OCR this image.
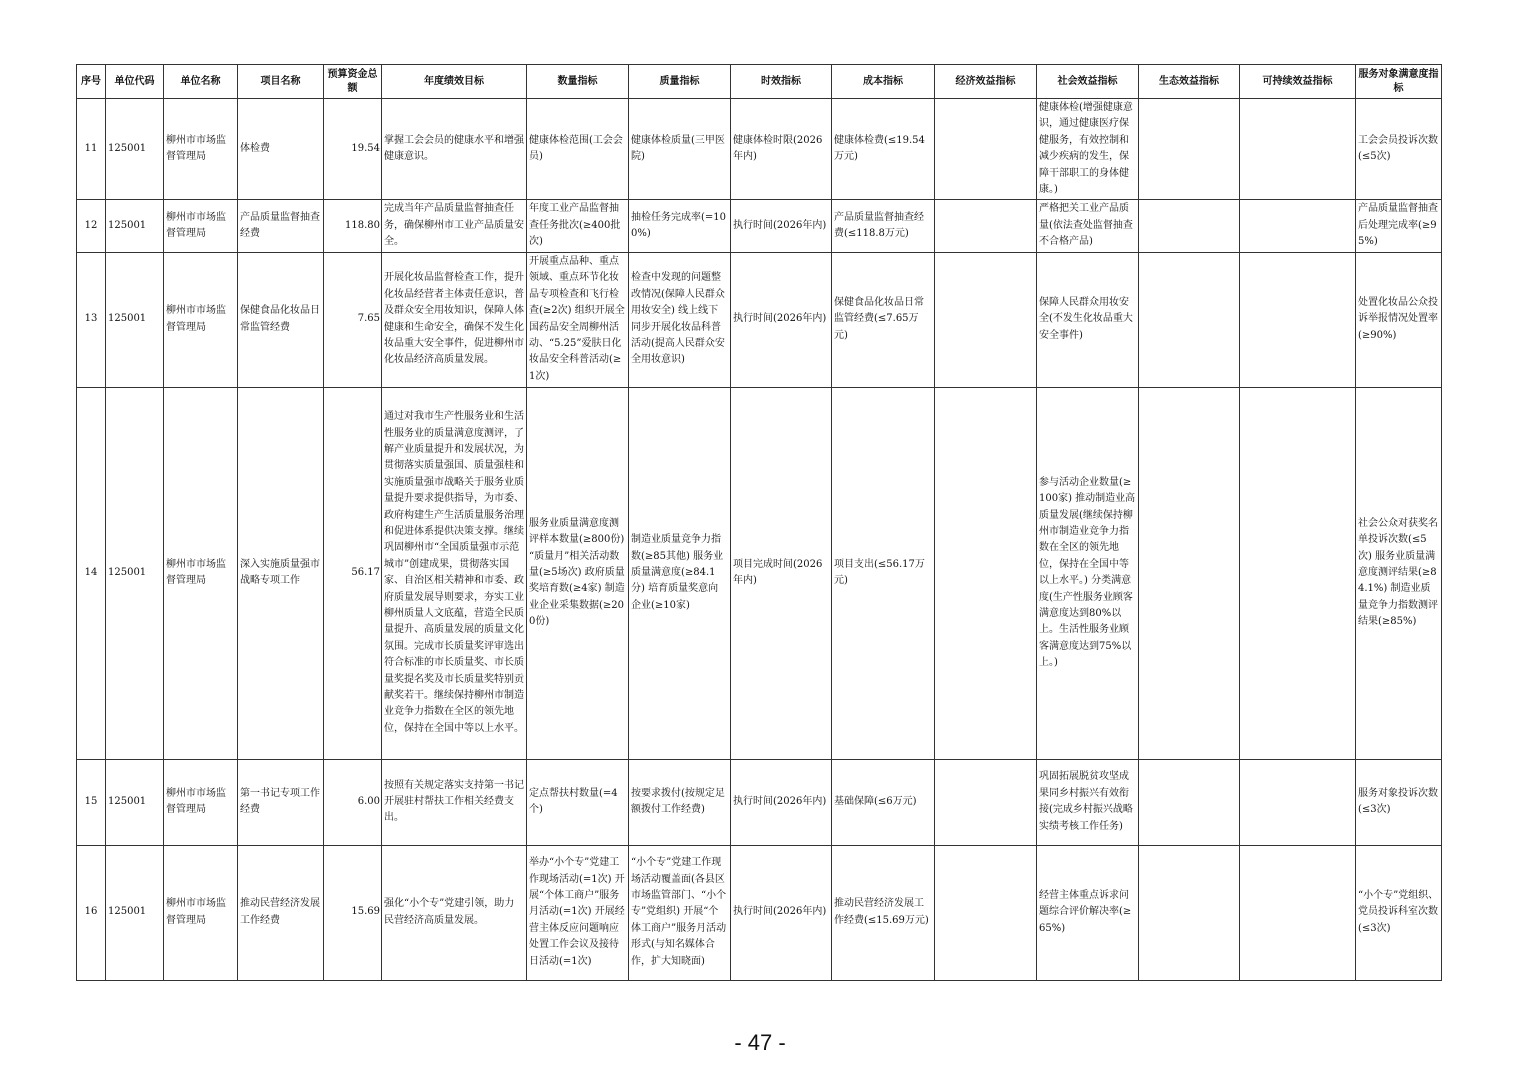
序号	单位代码	单位名称	项目名称	预算资金总额	年度绩效目标	数量指标	质量指标	时效指标	成本指标	经济效益指标	社会效益指标	生态效益指标	可持续效益指标	服务对象满意度指标
11	125001	柳州市市场监督管理局	体检费	19.54	掌握工会会员的健康水平和增强健康意识。	健康体检范围(工会会员)	健康体检质量(三甲医院)	健康体检时限(2026年内)	健康体检费(≤19.54万元)		健康体检(增强健康意识，通过健康医疗保健服务，有效控制和减少疾病的发生，保障干部职工的身体健康。)			工会会员投诉次数(≤5次)
12	125001	柳州市市场监督管理局	产品质量监督抽查经费	118.80	完成当年产品质量监督抽查任务，确保柳州市工业产品质量安全。	年度工业产品监督抽查任务批次(≥400批次)	抽检任务完成率(=100%)	执行时间(2026年内)	产品质量监督抽查经费(≤118.8万元)		严格把关工业产品质量(依法查处监督抽查不合格产品)			产品质量监督抽查后处理完成率(≥95%)
13	125001	柳州市市场监督管理局	保健食品化妆品日常监管经费	7.65	开展化妆品监督检查工作，提升化妆品经营者主体责任意识，普及群众安全用妆知识，保障人体健康和生命安全，确保不发生化妆品重大安全事件，促进柳州市化妆品经济高质量发展。	开展重点品种、重点领域、重点环节化妆品专项检查和飞行检查(≥2次) 组织开展全国药品安全周柳州活动、“5.25”爱肤日化妆品安全科普活动(≥1次)	检查中发现的问题整改情况(保障人民群众用妆安全) 线上线下同步开展化妆品科普活动(提高人民群众安全用妆意识)	执行时间(2026年内)	保健食品化妆品日常监管经费(≤7.65万元)		保障人民群众用妆安全(不发生化妆品重大安全事件)			处置化妆品公众投诉举报情况处置率(≥90%)
14	125001	柳州市市场监督管理局	深入实施质量强市战略专项工作	56.17	通过对我市生产性服务业和生活性服务业的质量满意度测评，了解产业质量提升和发展状况，为贯彻落实质量强国、质量强桂和实施质量强市战略关于服务业质量提升要求提供指导，为市委、政府构建生产生活质量服务治理和促进体系提供决策支撑。继续巩固柳州市“全国质量强市示范城市”创建成果，贯彻落实国家、自治区相关精神和市委、政府质量发展导则要求，夯实工业柳州质量人文底蕴，营造全民质量提升、高质量发展的质量文化氛围。完成市长质量奖评审选出符合标准的市长质量奖、市长质量奖提名奖及市长质量奖特别贡献奖若干。继续保持柳州市制造业竞争力指数在全区的领先地位，保持在全国中等以上水平。	服务业质量满意度测评样本数量(≥800份) “质量月”相关活动数量(≥5场次) 政府质量奖培育数(≥4家) 制造业企业采集数据(≥200份)	制造业质量竞争力指数(≥85其他) 服务业质量满意度(≥84.1分) 培育质量奖意向企业(≥10家)	项目完成时间(2026年内)	项目支出(≤56.17万元)		参与活动企业数量(≥100家) 推动制造业高质量发展(继续保持柳州市制造业竞争力指数在全区的领先地位，保持在全国中等以上水平。) 分类满意度(生产性服务业顾客满意度达到80%以上。生活性服务业顾客满意度达到75%以上。)			社会公众对获奖名单投诉次数(≤5次) 服务业质量满意度测评结果(≥84.1%) 制造业质量竞争力指数测评结果(≥85%)
15	125001	柳州市市场监督管理局	第一书记专项工作经费	6.00	按照有关规定落实支持第一书记开展驻村帮扶工作相关经费支出。	定点帮扶村数量(=4个)	按要求拨付(按规定足额拨付工作经费)	执行时间(2026年内)	基础保障(≤6万元)		巩固拓展脱贫攻坚成果同乡村振兴有效衔接(完成乡村振兴战略实绩考核工作任务)			服务对象投诉次数(≤3次)
16	125001	柳州市市场监督管理局	推动民营经济发展工作经费	15.69	强化“小个专”党建引领，助力民营经济高质量发展。	举办“小个专”党建工作现场活动(=1次) 开展“个体工商户”服务月活动(=1次) 开展经营主体反应问题响应处置工作会议及接待日活动(=1次)	“小个专”党建工作现场活动覆盖面(各县区市场监管部门、“小个专”党组织) 开展“个体工商户”服务月活动形式(与知名媒体合作，扩大知晓面)	执行时间(2026年内)	推动民营经济发展工作经费(≤15.69万元)		经营主体重点诉求问题综合评价解决率(≥65%)			“小个专”党组织、党员投诉科室次数(≤3次)
- 47 -
